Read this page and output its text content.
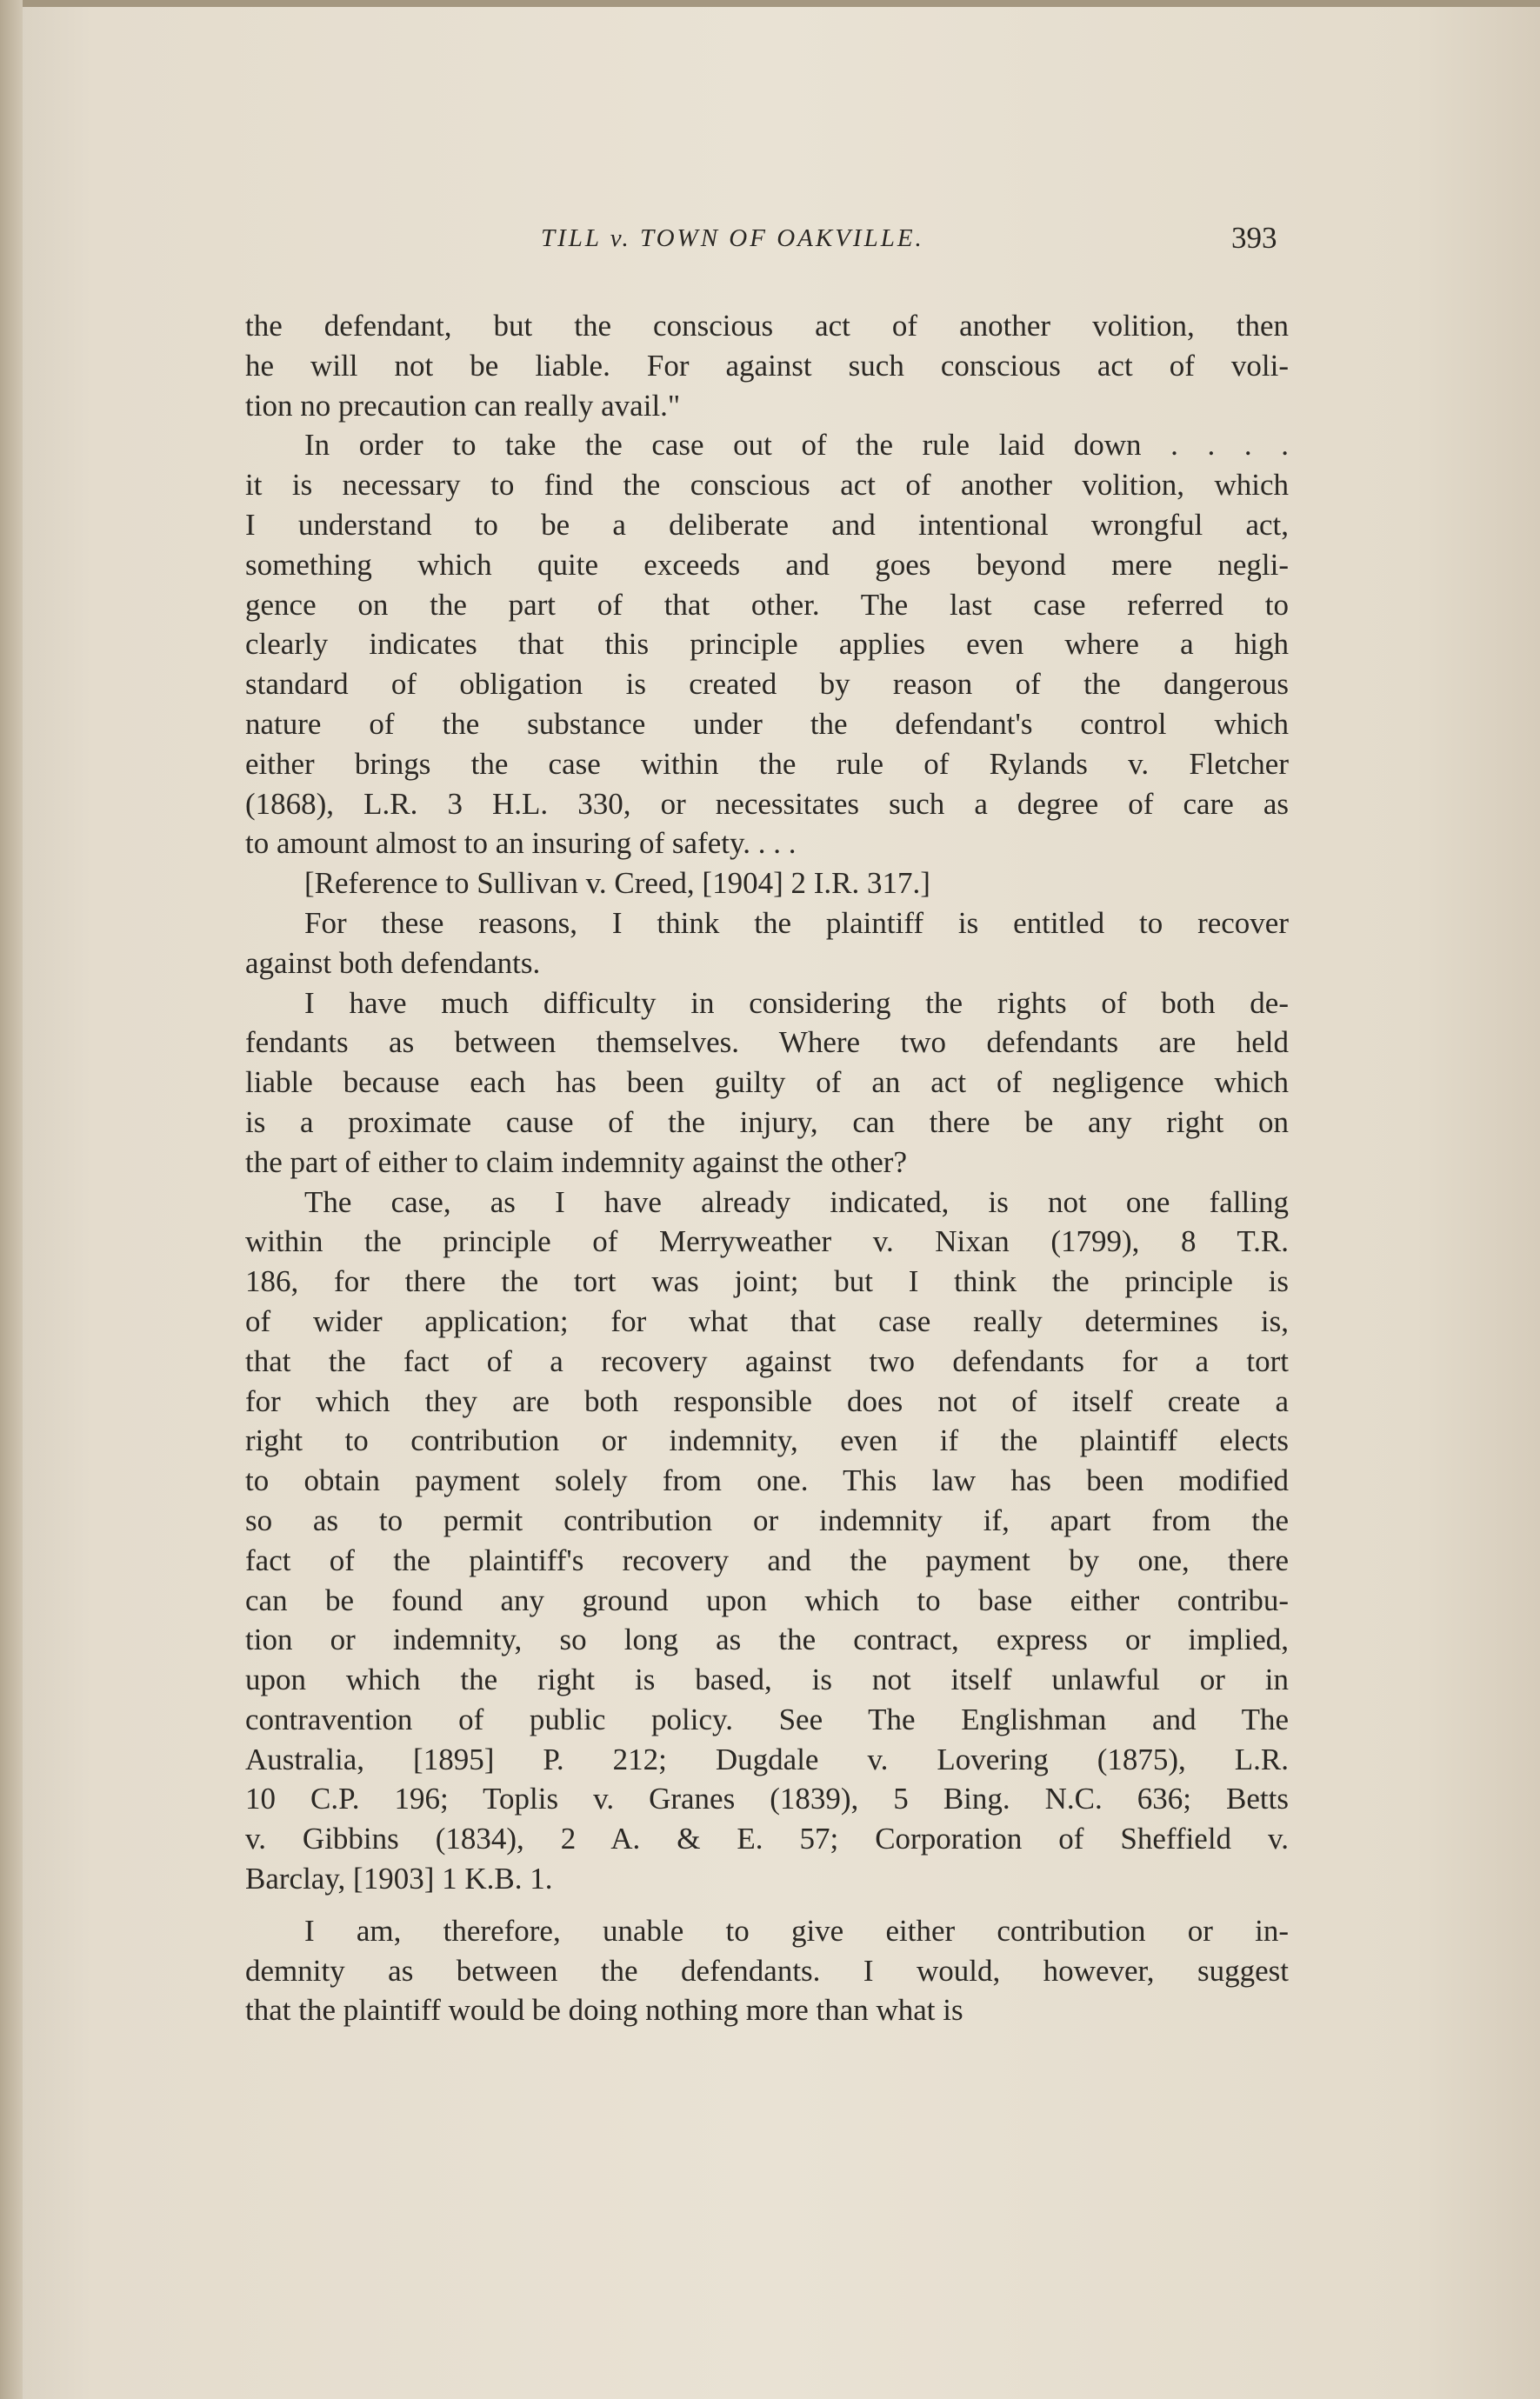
TILL v. TOWN OF OAKVILLE.	393

the defendant, but the conscious act of another volition, then
he will not be liable. For against such conscious act of voli-
tion no precaution can really avail."

In order to take the case out of the rule laid down . . . .
it is necessary to find the conscious act of another volition, which
I understand to be a deliberate and intentional wrongful act,
something which quite exceeds and goes beyond mere negli-
gence on the part of that other. The last case referred to
clearly indicates that this principle applies even where a high
standard of obligation is created by reason of the dangerous
nature of the substance under the defendant's control which
either brings the case within the rule of Rylands v. Fletcher
(1868), L.R. 3 H.L. 330, or necessitates such a degree of care as
to amount almost to an insuring of safety. . . .

[Reference to Sullivan v. Creed, [1904] 2 I.R. 317.]

For these reasons, I think the plaintiff is entitled to recover
against both defendants.

I have much difficulty in considering the rights of both de-
fendants as between themselves. Where two defendants are held
liable because each has been guilty of an act of negligence which
is a proximate cause of the injury, can there be any right on
the part of either to claim indemnity against the other?

The case, as I have already indicated, is not one falling
within the principle of Merryweather v. Nixan (1799), 8 T.R.
186, for there the tort was joint; but I think the principle is
of wider application; for what that case really determines is,
that the fact of a recovery against two defendants for a tort
for which they are both responsible does not of itself create a
right to contribution or indemnity, even if the plaintiff elects
to obtain payment solely from one. This law has been modified
so as to permit contribution or indemnity if, apart from the
fact of the plaintiff's recovery and the payment by one, there
can be found any ground upon which to base either contribu-
tion or indemnity, so long as the contract, express or implied,
upon which the right is based, is not itself unlawful or in
contravention of public policy. See The Englishman and The
Australia, [1895] P. 212; Dugdale v. Lovering (1875), L.R.
10 C.P. 196; Toplis v. Granes (1839), 5 Bing. N.C. 636; Betts
v. Gibbins (1834), 2 A. & E. 57; Corporation of Sheffield v.
Barclay, [1903] 1 K.B. 1.

I am, therefore, unable to give either contribution or in-
demnity as between the defendants. I would, however, suggest
that the plaintiff would be doing nothing more than what is
